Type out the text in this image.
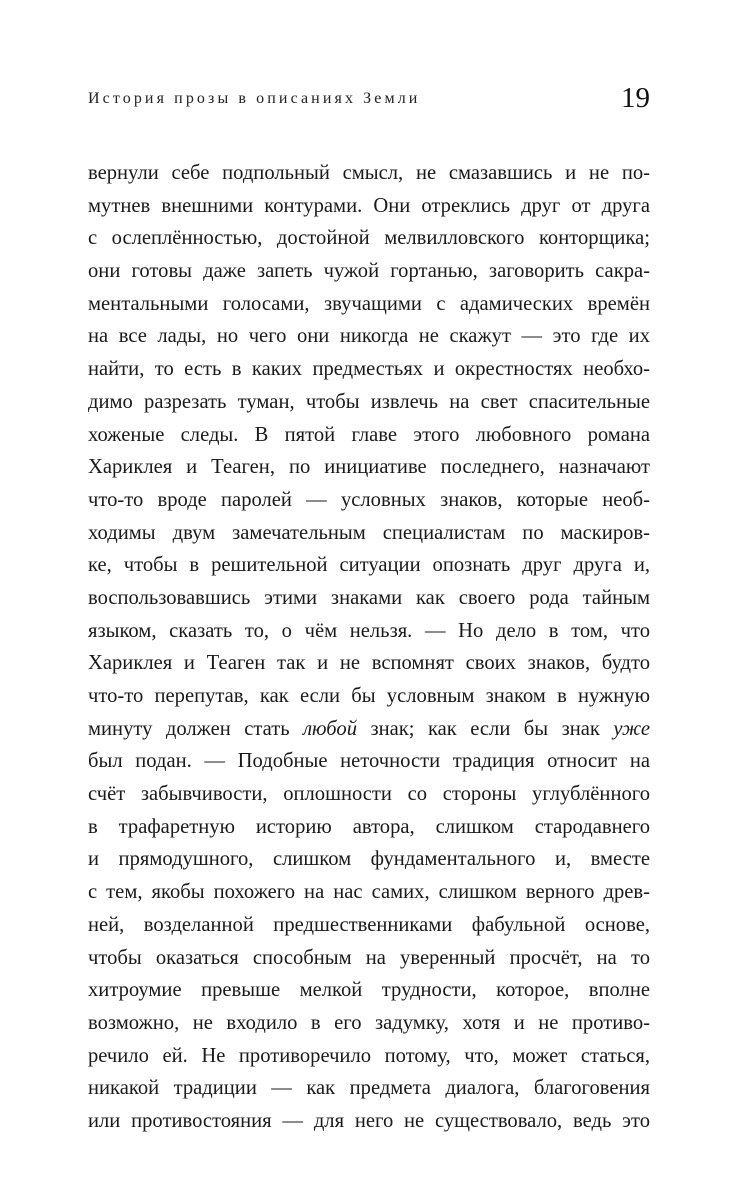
История прозы в описаниях Земли	19
вернули себе подпольный смысл, не смазавшись и не по-
мутнев внешними контурами. Они отреклись друг от друга
с ослеплённостью, достойной мелвилловского конторщика;
они готовы даже запеть чужой гортанью, заговорить сакра-
ментальными голосами, звучащими с адамических времён
на все лады, но чего они никогда не скажут — это где их
найти, то есть в каких предместьях и окрестностях необхо-
димо разрезать туман, чтобы извлечь на свет спасительные
хоженые следы. В пятой главе этого любовного романа
Хариклея и Теаген, по инициативе последнего, назначают
что-то вроде паролей — условных знаков, которые необ-
ходимы двум замечательным специалистам по маскиров-
ке, чтобы в решительной ситуации опознать друг друга и,
воспользовавшись этими знаками как своего рода тайным
языком, сказать то, о чём нельзя. — Но дело в том, что
Хариклея и Теаген так и не вспомнят своих знаков, будто
что-то перепутав, как если бы условным знаком в нужную
минуту должен стать любой знак; как если бы знак уже
был подан. — Подобные неточности традиция относит на
счёт забывчивости, оплошности со стороны углублённого
в трафаретную историю автора, слишком стародавнего
и прямодушного, слишком фундаментального и, вместе
с тем, якобы похожего на нас самих, слишком верного древ-
ней, возделанной предшественниками фабульной основе,
чтобы оказаться способным на уверенный просчёт, на то
хитроумие превыше мелкой трудности, которое, вполне
возможно, не входило в его задумку, хотя и не противо-
речило ей. Не противоречило потому, что, может статься,
никакой традиции — как предмета диалога, благоговения
или противостояния — для него не существовало, ведь это
